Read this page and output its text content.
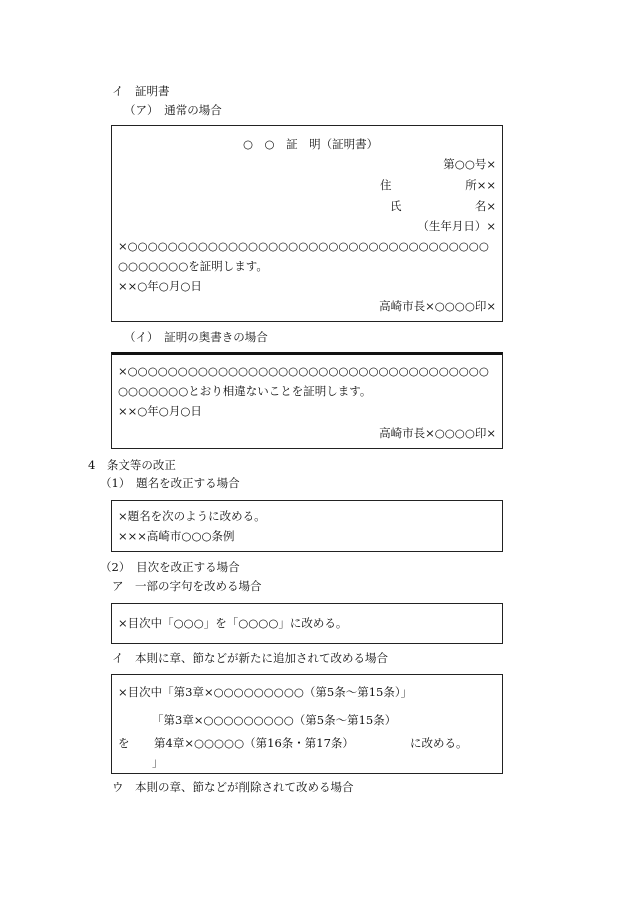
イ　証明書
（ア）　通常の場合
○　○　証　明（証明書）
第○○号×
住	所××
氏	名×
（生年月日）×
×○○○○○○○○○○○○○○○○○○○○○○○○○○○○○○○○○○○○
○○○○○○○を証明します。
××○年○月○日
高崎市長×○○○○印×
（イ）　証明の奥書きの場合
×○○○○○○○○○○○○○○○○○○○○○○○○○○○○○○○○○○○○
○○○○○○○とおり相違ないことを証明します。
××○年○月○日
高崎市長×○○○○印×
4　条文等の改正
（1）　題名を改正する場合
×題名を次のように改める。
×××高崎市○○○条例
（2）　目次を改正する場合
ア　一部の字句を改める場合
×目次中「○○○」を「○○○○」に改める。
イ　本則に章、節などが新たに追加されて改める場合
×目次中「第3章×○○○○○○○○○（第5条～第15条）」
「第3章×○○○○○○○○○（第5条～第15条）
を 第4章×○○○○○（第16条・第17条）	に改める。
」
ウ　本則の章、節などが削除されて改める場合
